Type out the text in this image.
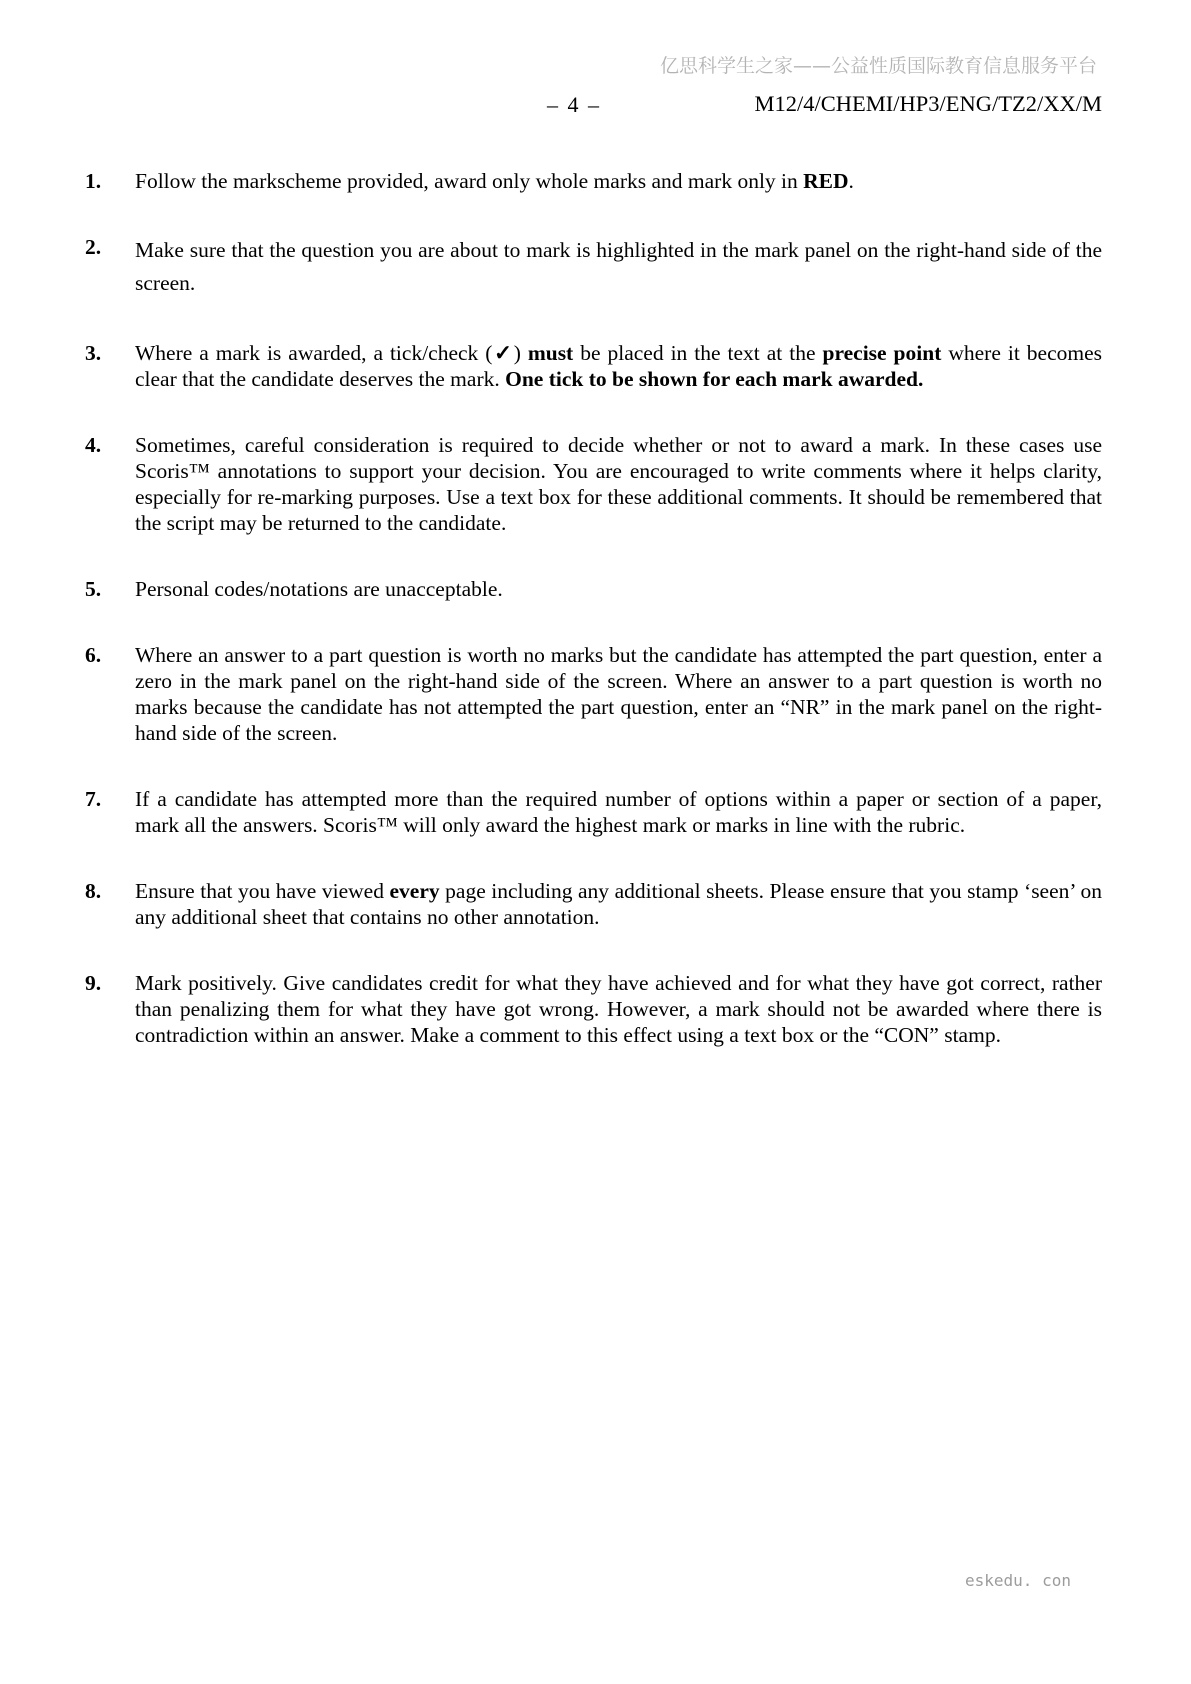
亿思科学生之家——公益性质国际教育信息服务平台
– 4 –	M12/4/CHEMI/HP3/ENG/TZ2/XX/M
1.	Follow the markscheme provided, award only whole marks and mark only in RED.
2.	Make sure that the question you are about to mark is highlighted in the mark panel on the right-hand side of the screen.
3.	Where a mark is awarded, a tick/check (✓) must be placed in the text at the precise point where it becomes clear that the candidate deserves the mark. One tick to be shown for each mark awarded.
4.	Sometimes, careful consideration is required to decide whether or not to award a mark. In these cases use Scoris™ annotations to support your decision. You are encouraged to write comments where it helps clarity, especially for re-marking purposes. Use a text box for these additional comments. It should be remembered that the script may be returned to the candidate.
5.	Personal codes/notations are unacceptable.
6.	Where an answer to a part question is worth no marks but the candidate has attempted the part question, enter a zero in the mark panel on the right-hand side of the screen. Where an answer to a part question is worth no marks because the candidate has not attempted the part question, enter an “NR” in the mark panel on the right-hand side of the screen.
7.	If a candidate has attempted more than the required number of options within a paper or section of a paper, mark all the answers. Scoris™ will only award the highest mark or marks in line with the rubric.
8.	Ensure that you have viewed every page including any additional sheets. Please ensure that you stamp ‘seen’ on any additional sheet that contains no other annotation.
9.	Mark positively. Give candidates credit for what they have achieved and for what they have got correct, rather than penalizing them for what they have got wrong. However, a mark should not be awarded where there is contradiction within an answer. Make a comment to this effect using a text box or the “CON” stamp.
eskedu. con
